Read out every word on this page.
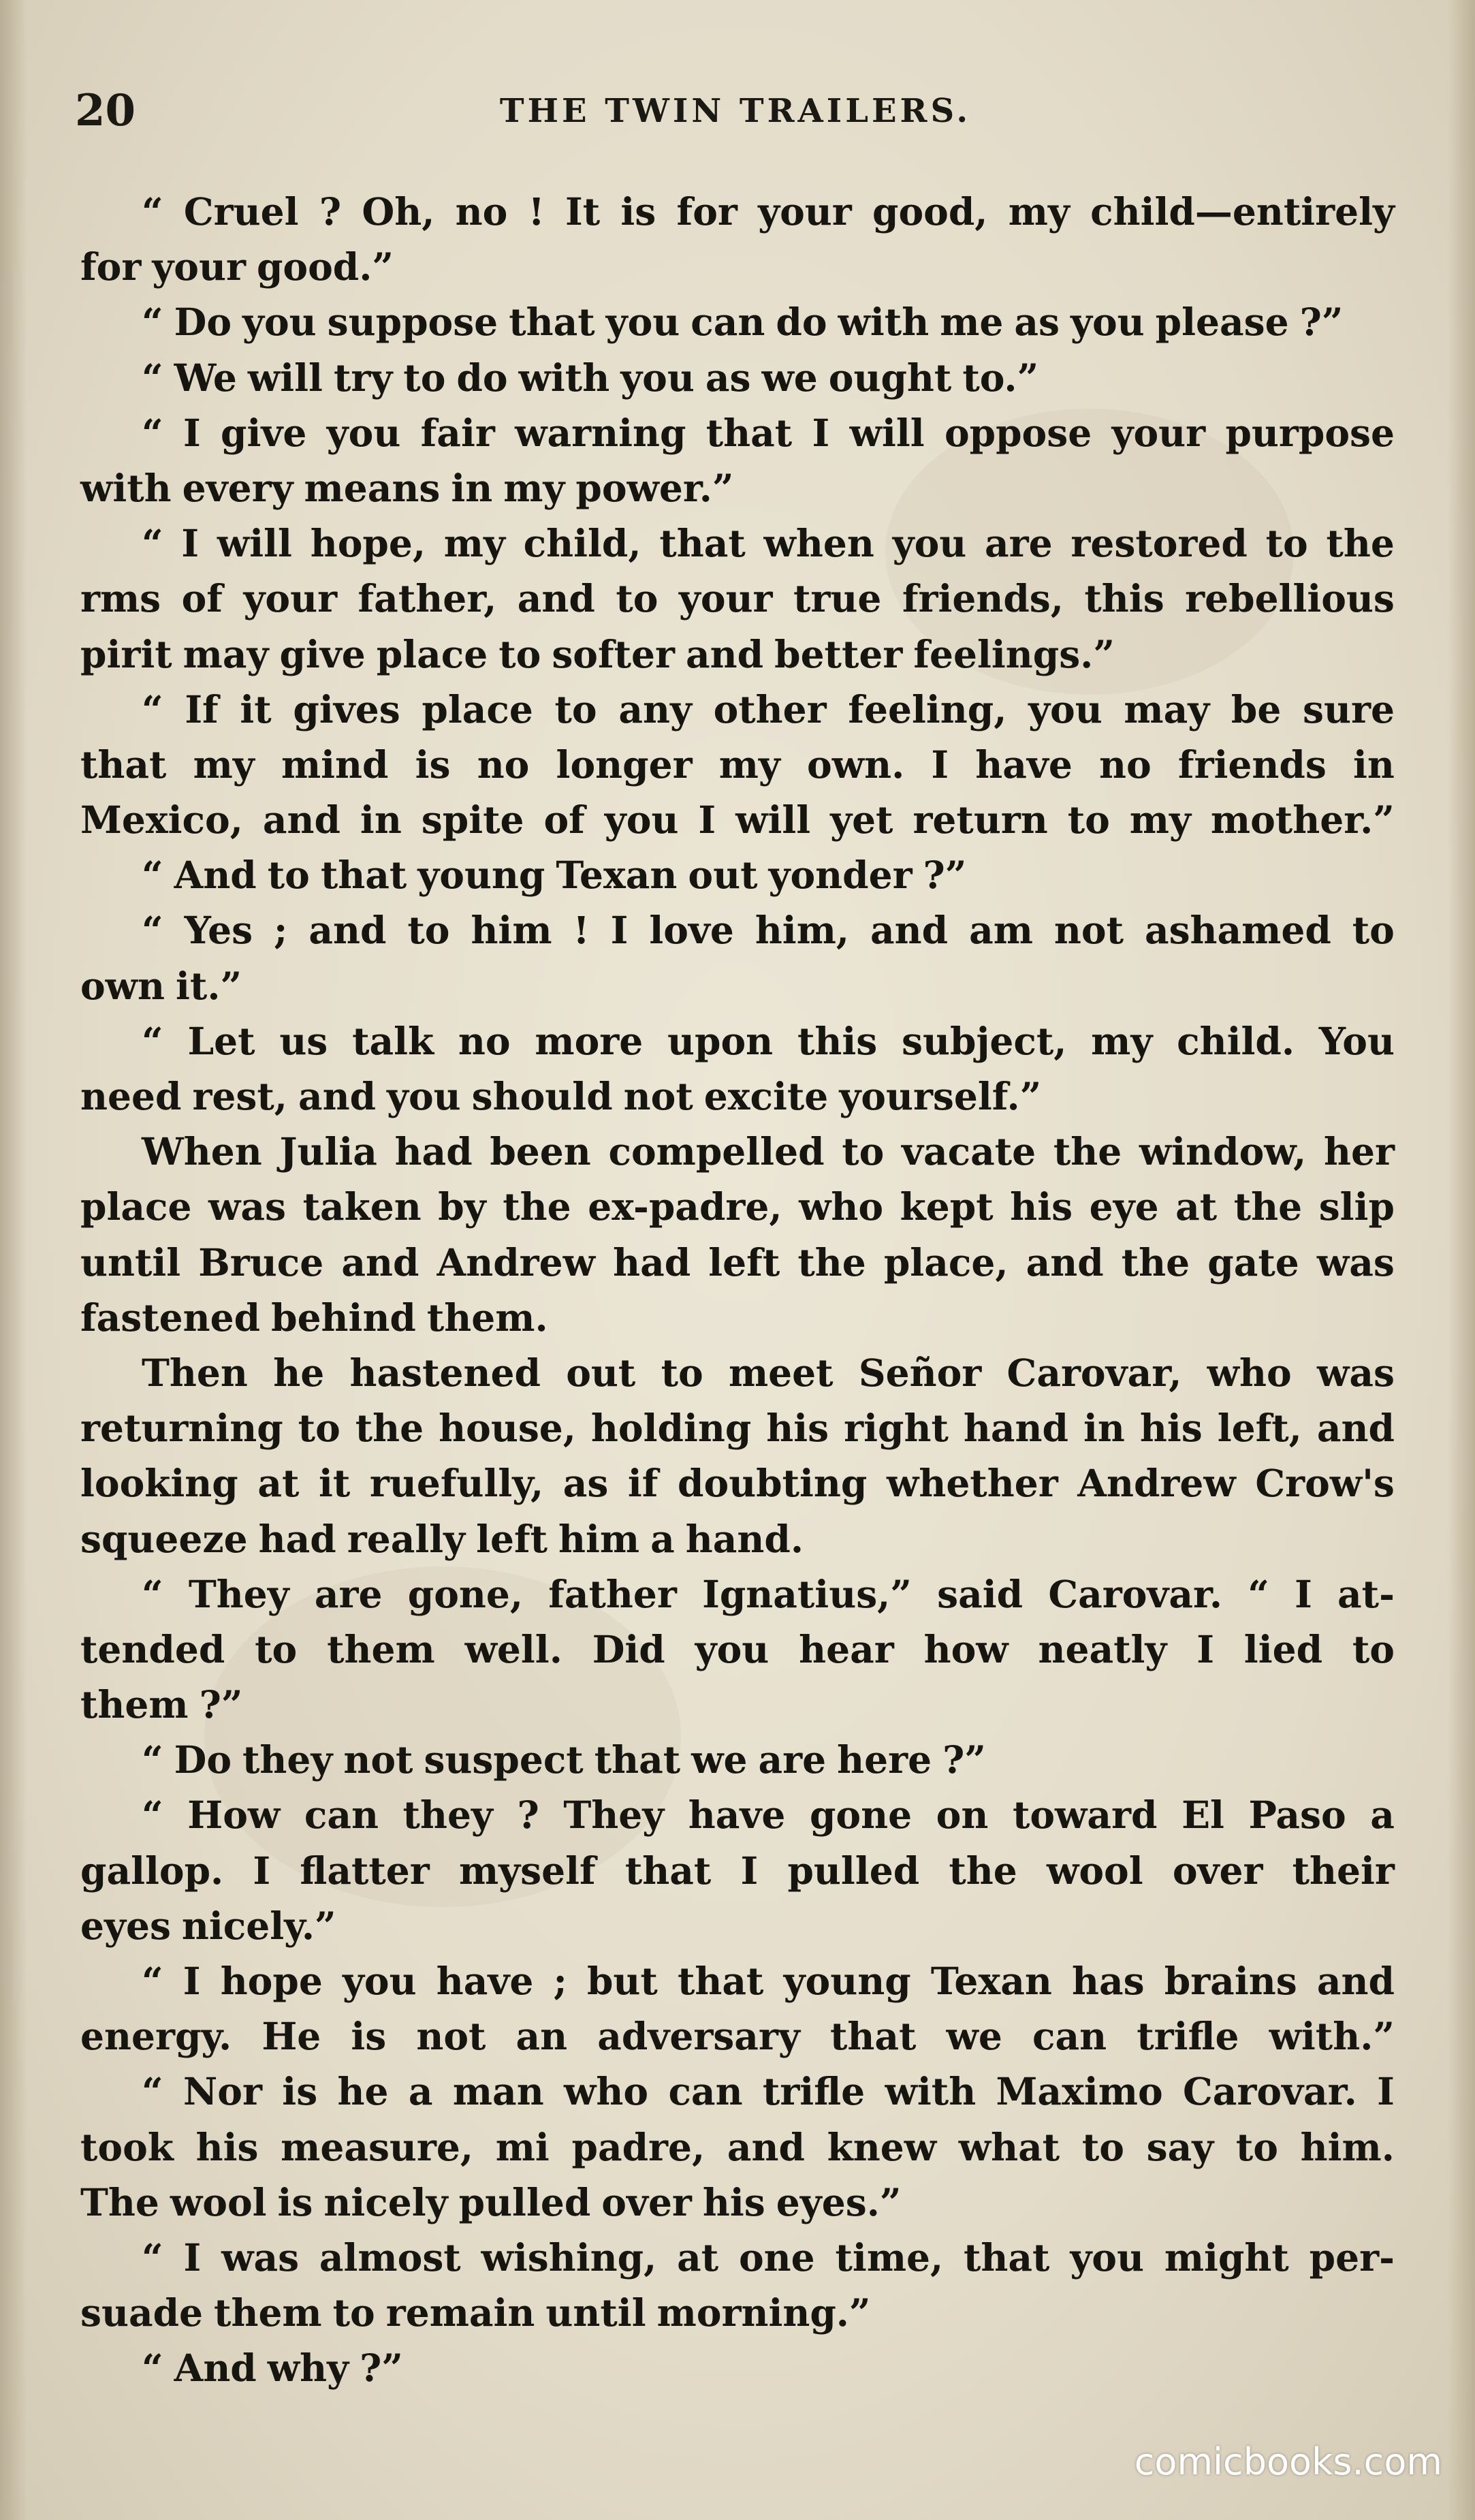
20	THE TWIN TRAILERS.
“ Cruel ? Oh, no ! It is for your good, my child—entirely
for your good.”
“ Do you suppose that you can do with me as you please ?”
“ We will try to do with you as we ought to.”
“ I give you fair warning that I will oppose your purpose
with every means in my power.”
“ I will hope, my child, that when you are restored to the
rms of your father, and to your true friends, this rebellious
pirit may give place to softer and better feelings.”
“ If it gives place to any other feeling, you may be sure
that my mind is no longer my own. I have no friends in
Mexico, and in spite of you I will yet return to my mother.”
“ And to that young Texan out yonder ?”
“ Yes ; and to him ! I love him, and am not ashamed to
own it.”
“ Let us talk no more upon this subject, my child. You
need rest, and you should not excite yourself.”
When Julia had been compelled to vacate the window, her
place was taken by the ex-padre, who kept his eye at the slip
until Bruce and Andrew had left the place, and the gate was
fastened behind them.
Then he hastened out to meet Señor Carovar, who was
returning to the house, holding his right hand in his left, and
looking at it ruefully, as if doubting whether Andrew Crow's
squeeze had really left him a hand.
“ They are gone, father Ignatius,” said Carovar. “ I at-
tended to them well. Did you hear how neatly I lied to
them ?”
“ Do they not suspect that we are here ?”
“ How can they ? They have gone on toward El Paso a
gallop. I flatter myself that I pulled the wool over their
eyes nicely.”
“ I hope you have ; but that young Texan has brains and
energy. He is not an adversary that we can trifle with.”
“ Nor is he a man who can trifle with Maximo Carovar. I
took his measure, mi padre, and knew what to say to him.
The wool is nicely pulled over his eyes.”
“ I was almost wishing, at one time, that you might per-
suade them to remain until morning.”
“ And why ?”
comicbooks.com
